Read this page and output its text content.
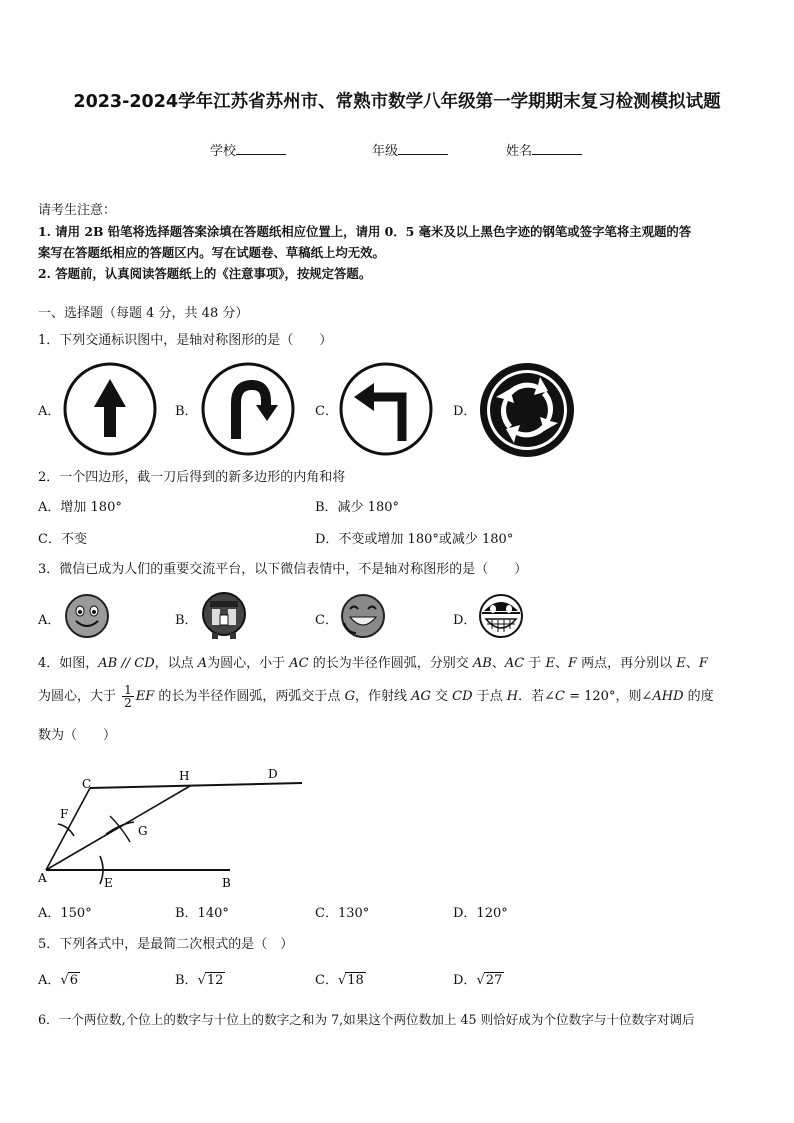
2023-2024学年江苏省苏州市、常熟市数学八年级第一学期期末复习检测模拟试题
学校	年级	姓名
请考生注意：
1. 请用 2B 铅笔将选择题答案涂填在答题纸相应位置上，请用 0．5 毫米及以上黑色字迹的钢笔或签字笔将主观题的答
案写在答题纸相应的答题区内。写在试题卷、草稿纸上均无效。
2. 答题前，认真阅读答题纸上的《注意事项》，按规定答题。
一、选择题（每题 4 分，共 48 分）
1．下列交通标识图中，是轴对称图形的是（　　）
A．	B．	C．	D．
2．一个四边形，截一刀后得到的新多边形的内角和将
A．增加 180°	B．减少 180°
C．不变	D．不变或增加 180°或减少 180°
3．微信已成为人们的重要交流平台，以下微信表情中，不是轴对称图形的是（　　）
A．	B．	C．	D．
4．如图，AB // CD，以点 A为圆心，小于 AC 的长为半径作圆弧，分别交 AB、AC 于 E、F 两点，再分别以 E、F
为圆心，大于 $\frac{1}{2}$ EF 的长为半径作圆弧，两弧交于点 G，作射线 AG 交 CD 于点 H．若∠C = 120°，则∠AHD 的度
数为（　　）
C
H	D
F
G
A	E	B
A．150°	B．140°	C．130°	D．120°
5．下列各式中，是最简二次根式的是（　）
A．√6	B．√12	C．√18	D．√27
6．一个两位数,个位上的数字与十位上的数字之和为 7,如果这个两位数加上 45 则恰好成为个位数字与十位数字对调后
